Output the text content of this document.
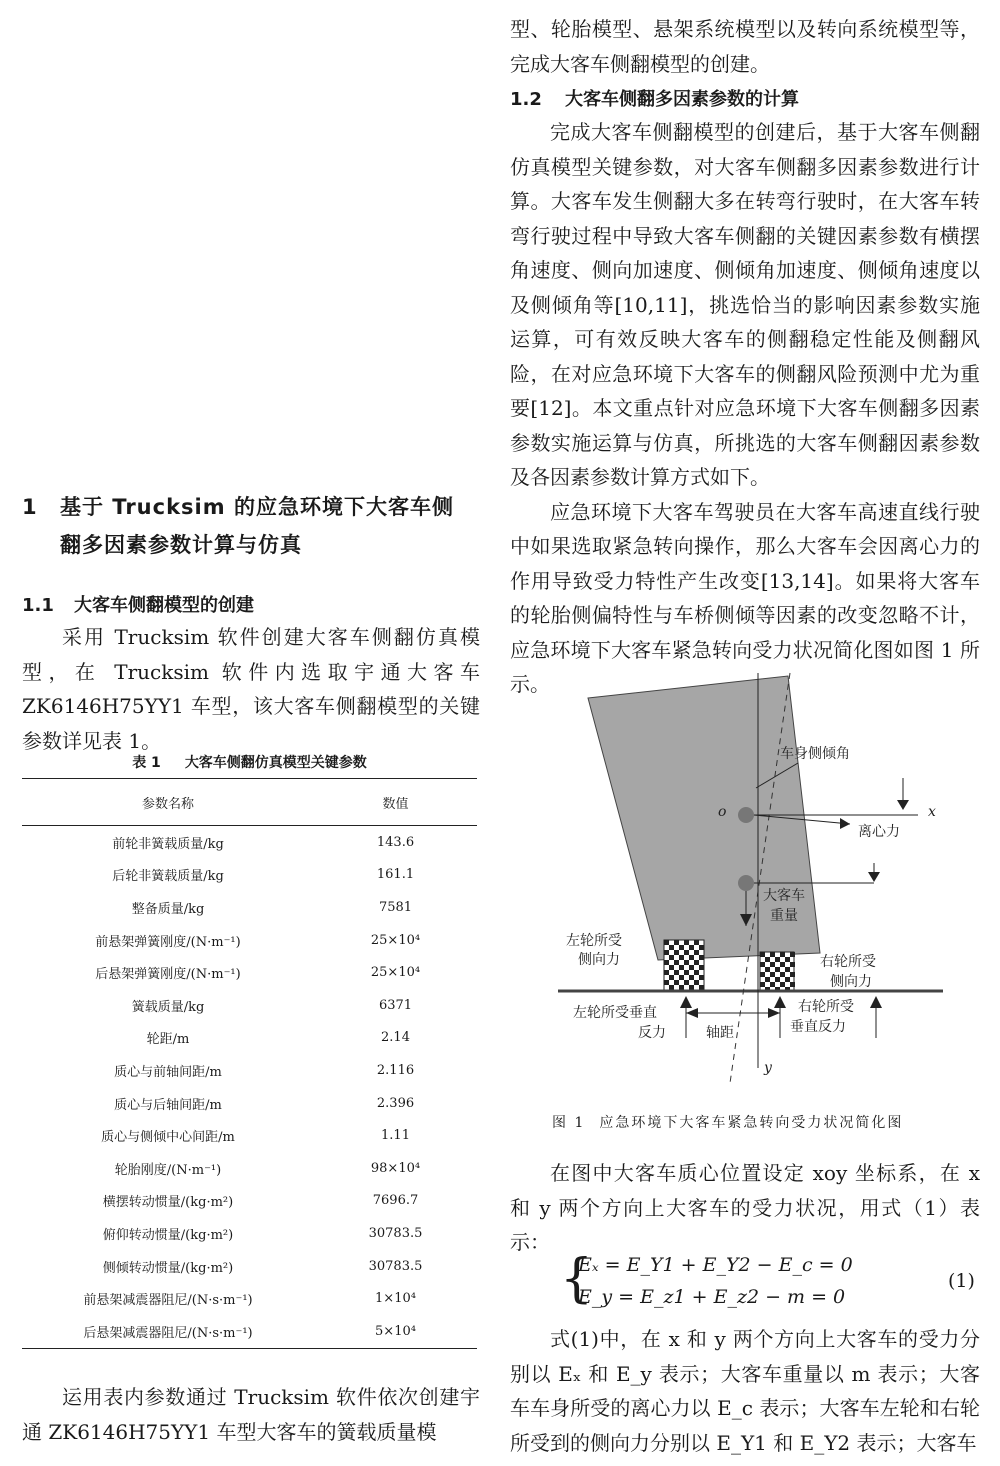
型、轮胎模型、悬架系统模型以及转向系统模型等，完成大客车侧翻模型的创建。

1.2 大客车侧翻多因素参数的计算

完成大客车侧翻模型的创建后，基于大客车侧翻仿真模型关键参数，对大客车侧翻多因素参数进行计算。大客车发生侧翻大多在转弯行驶时，在大客车转弯行驶过程中导致大客车侧翻的关键因素参数有横摆角速度、侧向加速度、侧倾角加速度、侧倾角速度以及侧倾角等[10,11]，挑选恰当的影响因素参数实施运算，可有效反映大客车的侧翻稳定性能及侧翻风险，在对应急环境下大客车的侧翻风险预测中尤为重要[12]。本文重点针对应急环境下大客车侧翻多因素参数实施运算与仿真，所挑选的大客车侧翻因素参数及各因素参数计算方式如下。

应急环境下大客车驾驶员在大客车高速直线行驶中如果选取紧急转向操作，那么大客车会因离心力的作用导致受力特性产生改变[13,14]。如果将大客车的轮胎侧偏特性与车桥侧倾等因素的改变忽略不计，应急环境下大客车紧急转向受力状况简化图如图 1 所示。

1 基于 Trucksim 的应急环境下大客车侧
翻多因素参数计算与仿真
1.1 大客车侧翻模型的创建

采用 Trucksim 软件创建大客车侧翻仿真模型，在 Trucksim 软件内选取宇通大客车 ZK6146H75YY1 车型，该大客车侧翻模型的关键参数详见表 1。

表 1 大客车侧翻仿真模型关键参数
参数名称	数值
前轮非簧载质量/kg	143.6
后轮非簧载质量/kg	161.1
整备质量/kg	7581
前悬架弹簧刚度/(N·m⁻¹)	25×10⁴
后悬架弹簧刚度/(N·m⁻¹)	25×10⁴
簧载质量/kg	6371
轮距/m	2.14
质心与前轴间距/m	2.116
质心与后轴间距/m	2.396
质心与侧倾中心间距/m	1.11
轮胎刚度/(N·m⁻¹)	98×10⁴
横摆转动惯量/(kg·m²)	7696.7
俯仰转动惯量/(kg·m²)	30783.5
侧倾转动惯量/(kg·m²)	30783.5
前悬架减震器阻尼/(N·s·m⁻¹)	1×10⁴
后悬架减震器阻尼/(N·s·m⁻¹)	5×10⁴

运用表内参数通过 Trucksim 软件依次创建宇通 ZK6146H75YY1 车型大客车的簧载质量模

车身侧倾角
o	x
离心力
大客车
重量
左轮所受
侧向力	右轮所受
侧向力
左轮所受垂直
反力	轴距
右轮所受
垂直反力
y
图 1 应急环境下大客车紧急转向受力状况简化图

在图中大客车质心位置设定 xoy 坐标系，在 x 和 y 两个方向上大客车的受力状况，用式（1）表示：

{
Eₓ = E_Y1 + E_Y2 − E_c = 0
E_y = E_z1 + E_z2 − m = 0
(1)

式(1)中，在 x 和 y 两个方向上大客车的受力分别以 Eₓ 和 E_y 表示；大客车重量以 m 表示；大客车车身所受的离心力以 E_c 表示；大客车左轮和右轮所受到的侧向力分别以 E_Y1 和 E_Y2 表示；大客车
